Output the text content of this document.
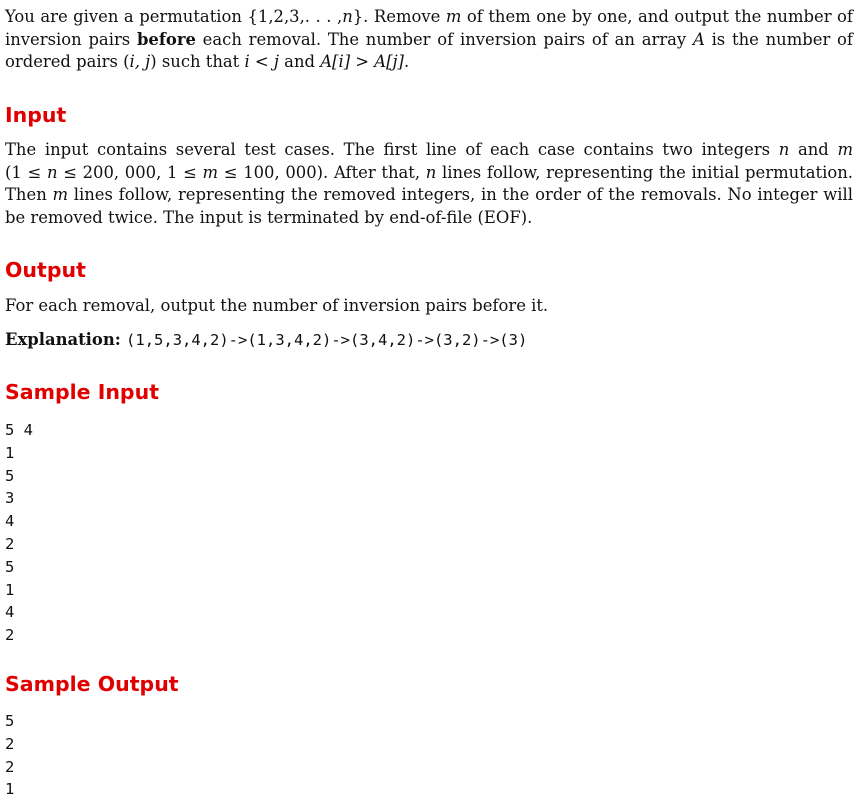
You are given a permutation {1,2,3,. . . ,n}. Remove m of them one by one, and output the number of

inversion pairs before each removal. The number of inversion pairs of an array A is the number of

ordered pairs (i, j) such that i < j and A[i] > A[j].

Input

The input contains several test cases. The first line of each case contains two integers n and m

(1 ≤ n ≤ 200, 000, 1 ≤ m ≤ 100, 000). After that, n lines follow, representing the initial permutation.

Then m lines follow, representing the removed integers, in the order of the removals. No integer will

be removed twice. The input is terminated by end-of-file (EOF).

Output

For each removal, output the number of inversion pairs before it.

Explanation: (1,5,3,4,2)->(1,3,4,2)->(3,4,2)->(3,2)->(3)

Sample Input

5 4

1

5

3

4

2

5

1

4

2

Sample Output

5

2

2

1
